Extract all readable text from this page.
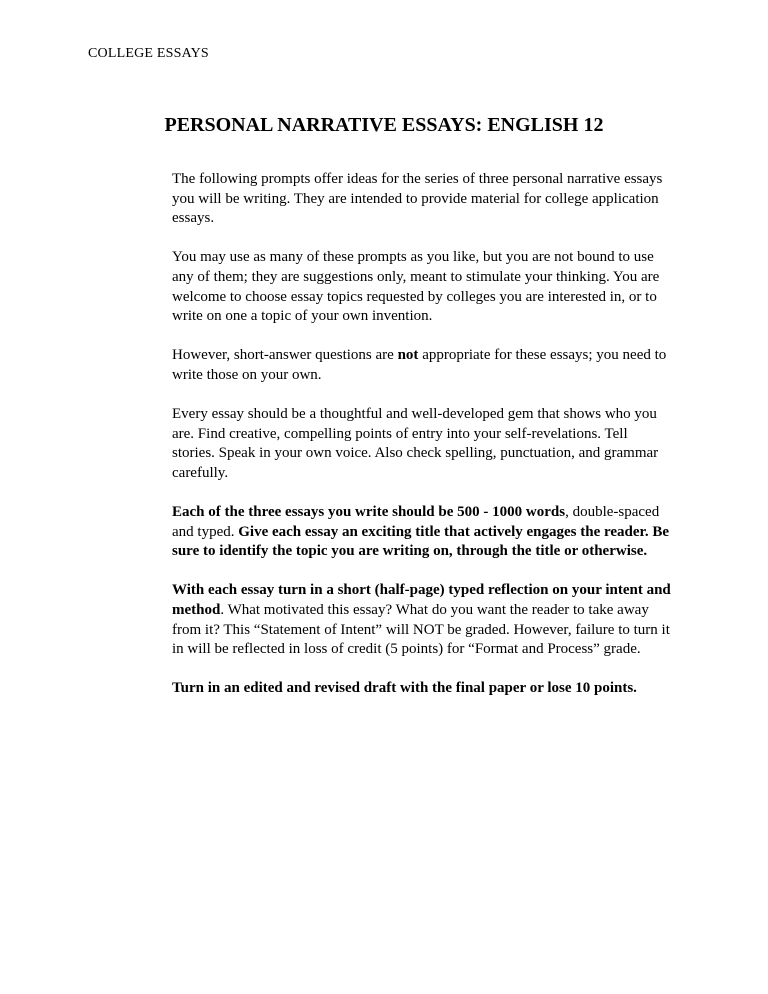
COLLEGE ESSAYS
PERSONAL NARRATIVE ESSAYS: ENGLISH 12

The following prompts offer ideas for the series of three personal narrative essays you will be writing. They are intended to provide material for college application essays.

You may use as many of these prompts as you like, but you are not bound to use any of them; they are suggestions only, meant to stimulate your thinking. You are welcome to choose essay topics requested by colleges you are interested in, or to write on one a topic of your own invention.

However, short-answer questions are not appropriate for these essays; you need to write those on your own.

Every essay should be a thoughtful and well-developed gem that shows who you are. Find creative, compelling points of entry into your self-revelations. Tell stories. Speak in your own voice. Also check spelling, punctuation, and grammar carefully.

Each of the three essays you write should be 500 - 1000 words, double-spaced and typed. Give each essay an exciting title that actively engages the reader. Be sure to identify the topic you are writing on, through the title or otherwise.

With each essay turn in a short (half-page) typed reflection on your intent and method. What motivated this essay? What do you want the reader to take away from it? This “Statement of Intent” will NOT be graded. However, failure to turn it in will be reflected in loss of credit (5 points) for “Format and Process” grade.

Turn in an edited and revised draft with the final paper or lose 10 points.
